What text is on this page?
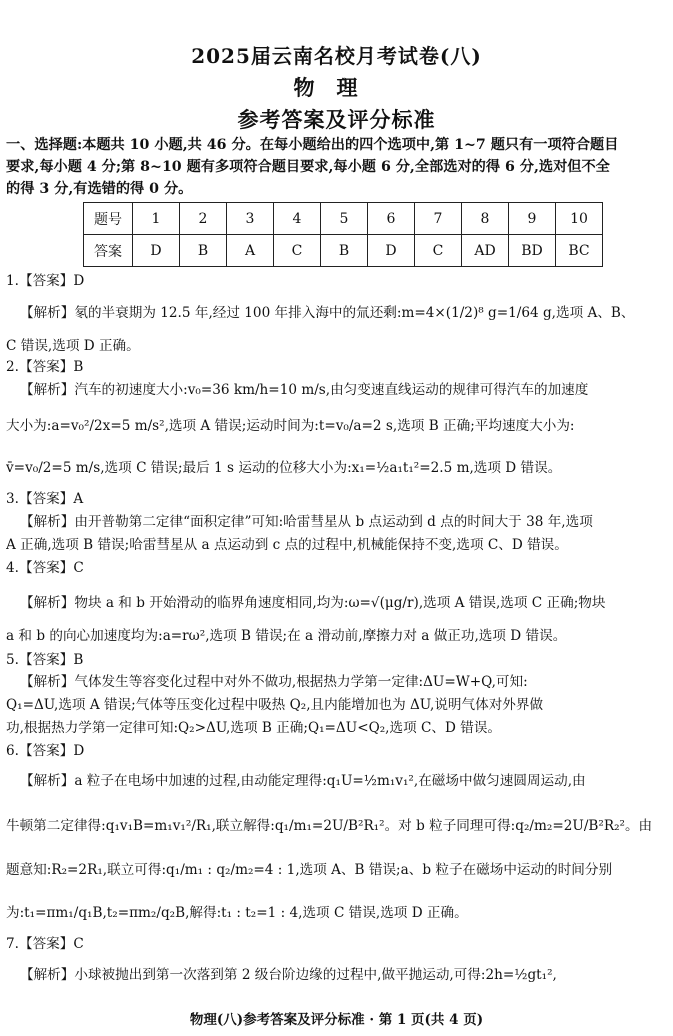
2025届云南名校月考试卷(八)
物理
参考答案及评分标准
一、选择题:本题共 10 小题,共 46 分。在每小题给出的四个选项中,第 1~7 题只有一项符合题目
要求,每小题 4 分;第 8~10 题有多项符合题目要求,每小题 6 分,全部选对的得 6 分,选对但不全
的得 3 分,有选错的得 0 分。
题号	1	2	3	4	5	6	7	8	9	10
答案	D	B	A	C	B	D	C	AD	BD	BC
1.【答案】D
【解析】氡的半衰期为 12.5 年,经过 100 年排入海中的氚还剩:m=4×(1/2)⁸ g=1/64 g,选项 A、B、
C 错误,选项 D 正确。
2.【答案】B
【解析】汽车的初速度大小:v₀=36 km/h=10 m/s,由匀变速直线运动的规律可得汽车的加速度
大小为:a=v₀²/2x=5 m/s²,选项 A 错误;运动时间为:t=v₀/a=2 s,选项 B 正确;平均速度大小为:
v̄=v₀/2=5 m/s,选项 C 错误;最后 1 s 运动的位移大小为:x₁=½a₁t₁²=2.5 m,选项 D 错误。
3.【答案】A
【解析】由开普勒第二定律“面积定律”可知:哈雷彗星从 b 点运动到 d 点的时间大于 38 年,选项
A 正确,选项 B 错误;哈雷彗星从 a 点运动到 c 点的过程中,机械能保持不变,选项 C、D 错误。
4.【答案】C
【解析】物块 a 和 b 开始滑动的临界角速度相同,均为:ω=√(μg/r),选项 A 错误,选项 C 正确;物块
a 和 b 的向心加速度均为:a=rω²,选项 B 错误;在 a 滑动前,摩擦力对 a 做正功,选项 D 错误。
5.【答案】B
【解析】气体发生等容变化过程中对外不做功,根据热力学第一定律:ΔU=W+Q,可知:
Q₁=ΔU,选项 A 错误;气体等压变化过程中吸热 Q₂,且内能增加也为 ΔU,说明气体对外界做
功,根据热力学第一定律可知:Q₂>ΔU,选项 B 正确;Q₁=ΔU<Q₂,选项 C、D 错误。
6.【答案】D
【解析】a 粒子在电场中加速的过程,由动能定理得:q₁U=½m₁v₁²,在磁场中做匀速圆周运动,由
牛顿第二定律得:q₁v₁B=m₁v₁²/R₁,联立解得:q₁/m₁=2U/B²R₁²。对 b 粒子同理可得:q₂/m₂=2U/B²R₂²。由
题意知:R₂=2R₁,联立可得:q₁/m₁ : q₂/m₂=4 : 1,选项 A、B 错误;a、b 粒子在磁场中运动的时间分别
为:t₁=πm₁/q₁B,t₂=πm₂/q₂B,解得:t₁ : t₂=1 : 4,选项 C 错误,选项 D 正确。
7.【答案】C
【解析】小球被抛出到第一次落到第 2 级台阶边缘的过程中,做平抛运动,可得:2h=½gt₁²,
物理(八)参考答案及评分标准 · 第 1 页(共 4 页)
